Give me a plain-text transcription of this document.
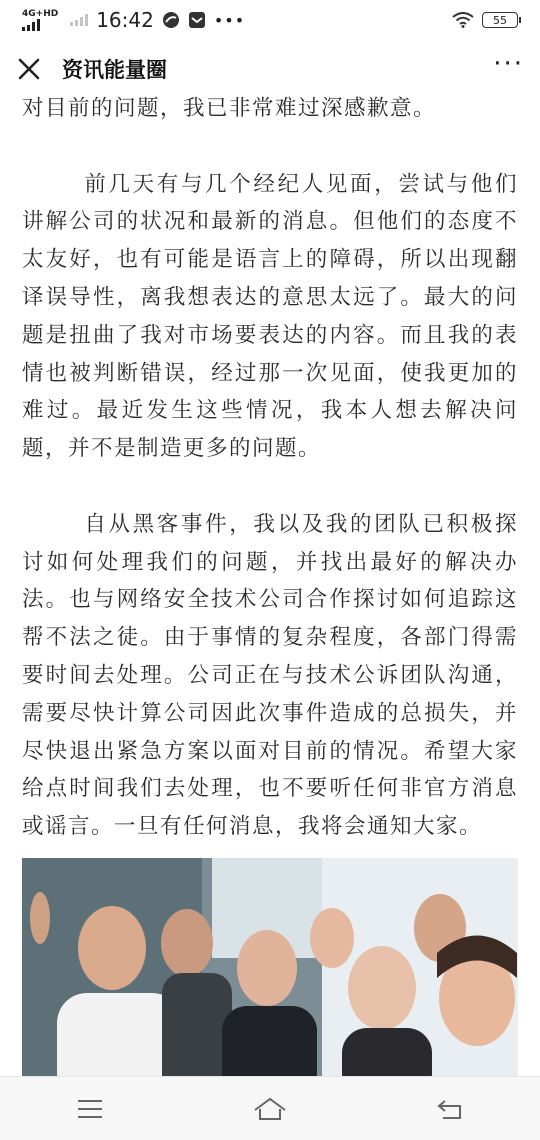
4G+HD 16:42	•••	55
资讯能量圈	···

对目前的问题，我已非常难过深感歉意。

前几天有与几个经纪人见面，尝试与他们讲解公司的状况和最新的消息。但他们的态度不太友好，也有可能是语言上的障碍，所以出现翻译误导性，离我想表达的意思太远了。最大的问题是扭曲了我对市场要表达的内容。而且我的表情也被判断错误，经过那一次见面，使我更加的难过。最近发生这些情况，我本人想去解决问题，并不是制造更多的问题。

自从黑客事件，我以及我的团队已积极探讨如何处理我们的问题，并找出最好的解决办法。也与网络安全技术公司合作探讨如何追踪这帮不法之徒。由于事情的复杂程度，各部门得需要时间去处理。公司正在与技术公诉团队沟通，需要尽快计算公司因此次事件造成的总损失，并尽快退出紧急方案以面对目前的情况。希望大家给点时间我们去处理，也不要听任何非官方消息或谣言。一旦有任何消息，我将会通知大家。
